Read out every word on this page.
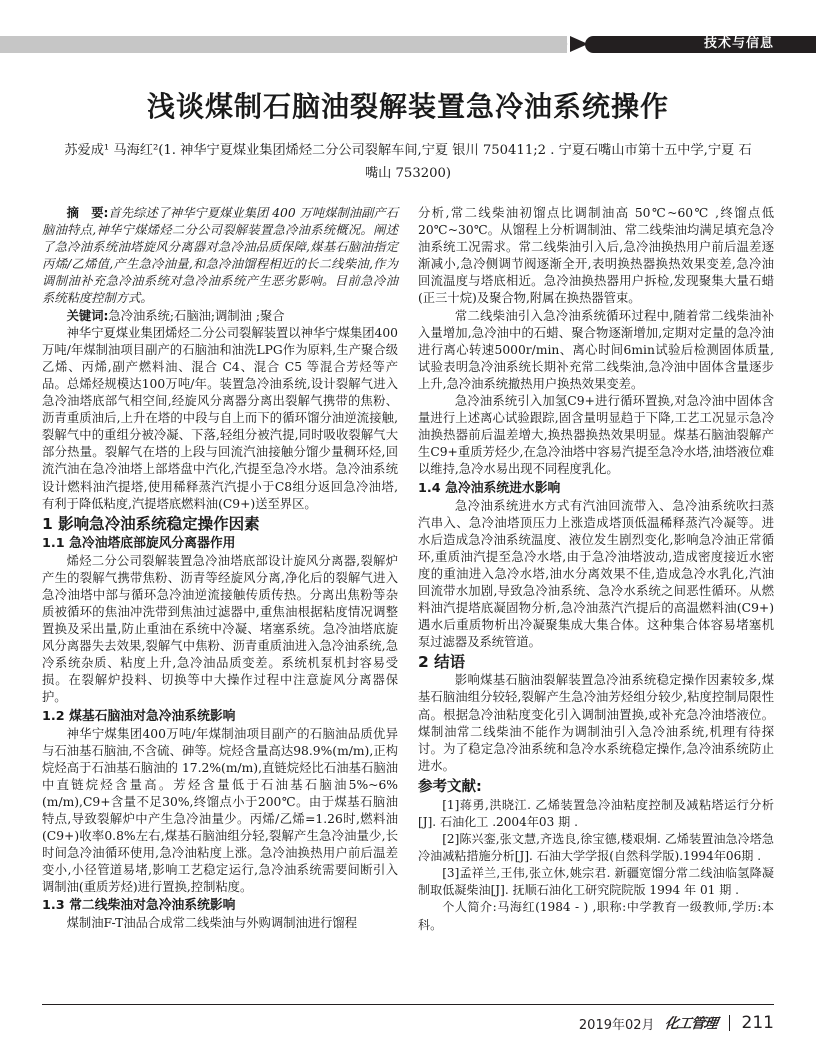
技术与信息
浅谈煤制石脑油裂解装置急冷油系统操作
苏爱成¹ 马海红²(1. 神华宁夏煤业集团烯烃二分公司裂解车间,宁夏 银川 750411;2 . 宁夏石嘴山市第十五中学,宁夏 石嘴山 753200)

摘　要:首先综述了神华宁夏煤业集团 400 万吨煤制油副产石脑油特点,神华宁煤烯烃二分公司裂解装置急冷油系统概况。阐述了急冷油系统油塔旋风分离器对急冷油品质保障,煤基石脑油指定丙烯/乙烯值,产生急冷油量,和急冷油馏程相近的长二线柴油,作为调制油补充急冷油系统对急冷油系统产生恶劣影响。目前急冷油系统粘度控制方式。

关键词:急冷油系统;石脑油;调制油 ;聚合

神华宁夏煤业集团烯烃二分公司裂解装置以神华宁煤集团400万吨/年煤制油项目副产的石脑油和油洗LPG作为原料,生产聚合级乙烯、丙烯,副产燃料油、混合 C4、混合 C5 等混合芳烃等产品。总烯烃规模达100万吨/年。装置急冷油系统,设计裂解气进入急冷油塔底部气相空间,经旋风分离器分离出裂解气携带的焦粉、沥青重质油后,上升在塔的中段与自上而下的循环馏分油逆流接触,裂解气中的重组分被冷凝、下落,轻组分被汽提,同时吸收裂解气大部分热量。裂解气在塔的上段与回流汽油接触分馏少量稠环烃,回流汽油在急冷油塔上部塔盘中汽化,汽提至急冷水塔。急冷油系统设计燃料油汽提塔,使用稀释蒸汽汽提小于C8组分返回急冷油塔,有利于降低粘度,汽提塔底燃料油(C9+)送至界区。

1 影响急冷油系统稳定操作因素
1.1 急冷油塔底部旋风分离器作用

烯烃二分公司裂解装置急冷油塔底部设计旋风分离器,裂解炉产生的裂解气携带焦粉、沥青等经旋风分离,净化后的裂解气进入急冷油塔中部与循环急冷油逆流接触传质传热。分离出焦粉等杂质被循环的焦油冲洗带到焦油过滤器中,重焦油根据粘度情况调整置换及采出量,防止重油在系统中冷凝、堵塞系统。急冷油塔底旋风分离器失去效果,裂解气中焦粉、沥青重质油进入急冷油系统,急冷系统杂质、粘度上升,急冷油品质变差。系统机泵机封容易受损。在裂解炉投料、切换等中大操作过程中注意旋风分离器保护。

1.2 煤基石脑油对急冷油系统影响

神华宁煤集团400万吨/年煤制油项目副产的石脑油品质优异与石油基石脑油,不含硫、砷等。烷烃含量高达98.9%(m/m),正构烷烃高于石油基石脑油的 17.2%(m/m),直链烷烃比石油基石脑油中直链烷烃含量高。芳烃含量低于石油基石脑油5%~6%(m/m),C9+含量不足30%,终馏点小于200℃。由于煤基石脑油特点,导致裂解炉中产生急冷油量少。丙烯/乙烯=1.26时,燃料油(C9+)收率0.8%左右,煤基石脑油组分轻,裂解产生急冷油量少,长时间急冷油循环使用,急冷油粘度上涨。急冷油换热用户前后温差变小,小径管道易堵,影响工艺稳定运行,急冷油系统需要间断引入调制油(重质芳烃)进行置换,控制粘度。

1.3 常二线柴油对急冷油系统影响

煤制油F-T油品合成常二线柴油与外购调制油进行馏程

分析,常二线柴油初馏点比调制油高 50℃~60℃ ,终馏点低20℃~30℃。从馏程上分析调制油、常二线柴油均满足填充急冷油系统工况需求。常二线柴油引入后,急冷油换热用户前后温差逐渐减小,急冷侧调节阀逐渐全开,表明换热器换热效果变差,急冷油回流温度与塔底相近。急冷油换热器用户拆检,发现聚集大量石蜡(正三十烷)及聚合物,附属在换热器管束。

常二线柴油引入急冷油系统循环过程中,随着常二线柴油补入量增加,急冷油中的石蜡、聚合物逐渐增加,定期对定量的急冷油进行离心转速5000r/min、离心时间6min试验后检测固体质量,试验表明急冷油系统长期补充常二线柴油,急冷油中固体含量逐步上升,急冷油系统撤热用户换热效果变差。

急冷油系统引入加氢C9+进行循环置换,对急冷油中固体含量进行上述离心试验跟踪,固含量明显趋于下降,工艺工况显示急冷油换热器前后温差增大,换热器换热效果明显。煤基石脑油裂解产生C9+重质芳烃少,在急冷油塔中容易汽提至急冷水塔,油塔液位难以维持,急冷水易出现不同程度乳化。

1.4 急冷油系统进水影响

急冷油系统进水方式有汽油回流带入、急冷油系统吹扫蒸汽串入、急冷油塔顶压力上涨造成塔顶低温稀释蒸汽冷凝等。进水后造成急冷油系统温度、液位发生剧烈变化,影响急冷油正常循环,重质油汽提至急冷水塔,由于急冷油塔波动,造成密度接近水密度的重油进入急冷水塔,油水分离效果不佳,造成急冷水乳化,汽油回流带水加剧,导致急冷油系统、急冷水系统之间恶性循环。从燃料油汽提塔底凝固物分析,急冷油蒸汽汽提后的高温燃料油(C9+)遇水后重质物析出冷凝聚集成大集合体。这种集合体容易堵塞机泵过滤器及系统管道。

2 结语

影响煤基石脑油裂解装置急冷油系统稳定操作因素较多,煤基石脑油组分较轻,裂解产生急冷油芳烃组分较少,粘度控制局限性高。根据急冷油粘度变化引入调制油置换,或补充急冷油塔液位。煤制油常二线柴油不能作为调制油引入急冷油系统,机理有待探讨。为了稳定急冷油系统和急冷水系统稳定操作,急冷油系统防止进水。

参考文献:

[1]蒋勇,洪晓江. 乙烯装置急冷油粘度控制及减粘塔运行分析[J]. 石油化工 .2004年03 期 .

[2]陈兴銮,张文慧,齐选良,徐宝德,楼艰炯. 乙烯装置油急冷塔急冷油减粘措施分析[J]. 石油大学学报(自然科学版).1994年06期 .

[3]孟祥兰,王伟,张立休,姚宗君. 新疆宽馏分常二线油临氢降凝制取低凝柴油[J]. 抚顺石油化工研究院院版 1994 年 01 期 .

个人简介:马海红(1984 - ) ,职称:中学教育一级教师,学历:本科。

2019年02月 化工管理 211
